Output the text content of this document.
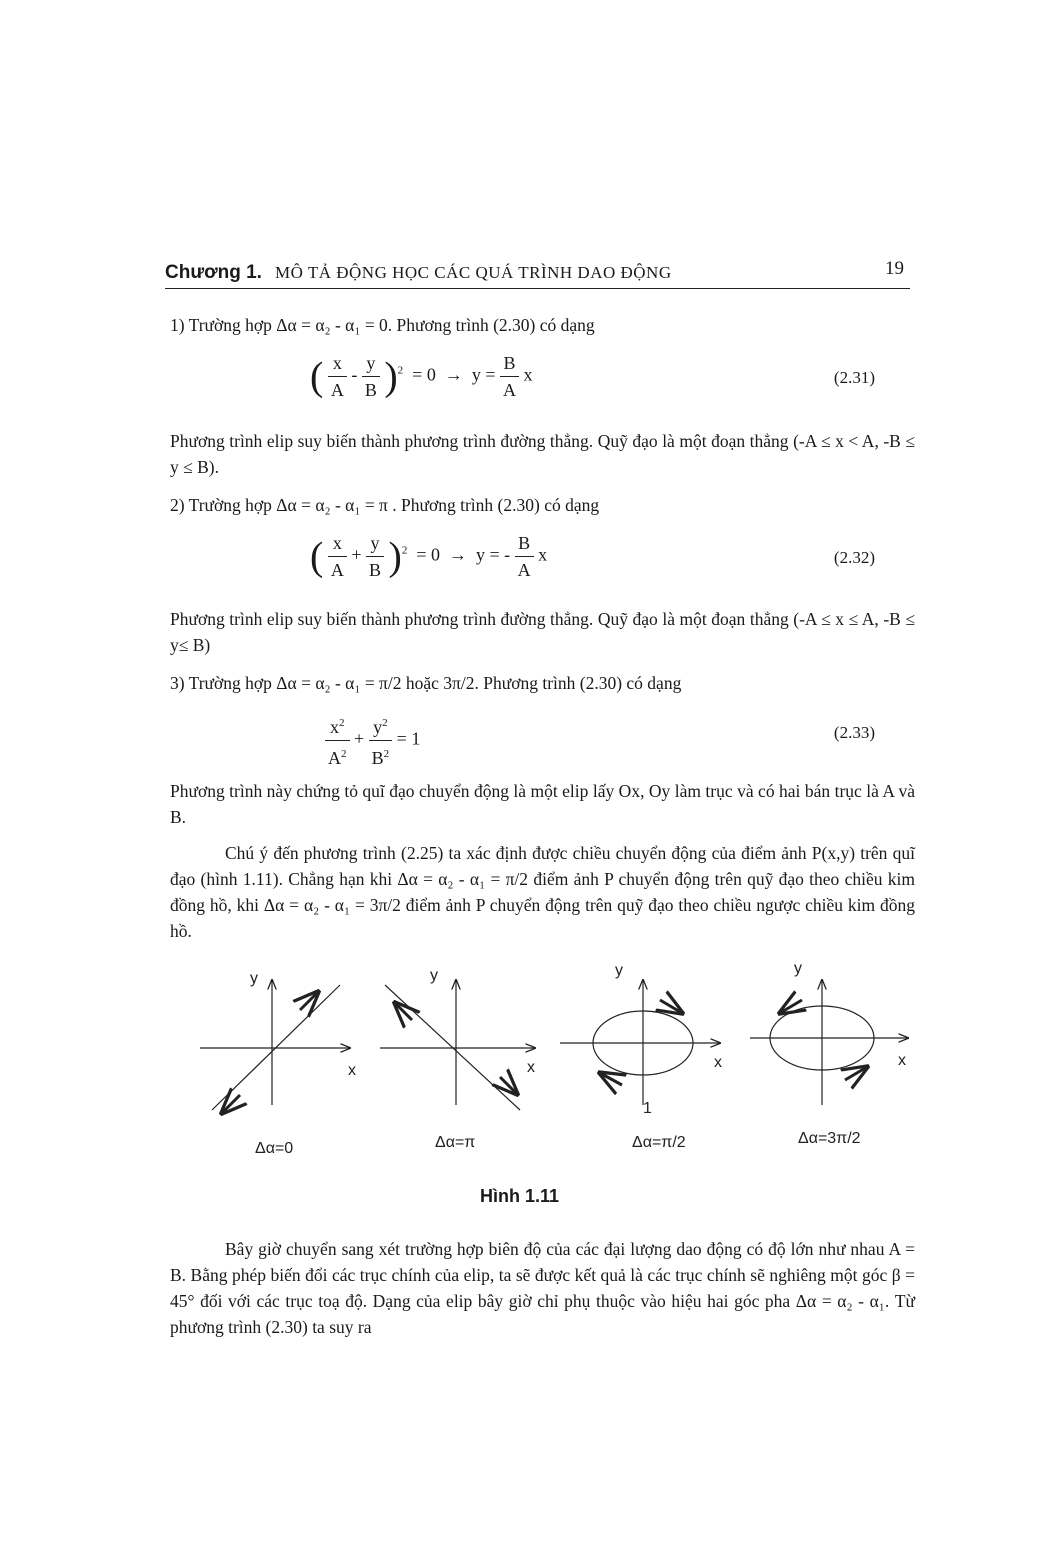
Chương 1. MÔ TẢ ĐỘNG HỌC CÁC QUÁ TRÌNH DAO ĐỘNG	19
1) Trường hợp Δα = α₂ - α₁ = 0. Phương trình (2.30) có dạng
( $\frac{x}{A} - \frac{y}{B} )^2 = 0 \to y = \frac{B}{A}$ x	(2.31)
Phương trình elip suy biến thành phương trình đường thẳng. Quỹ đạo là một đoạn thẳng (-A ≤ x < A, -B ≤ y ≤ B).
2) Trường hợp Δα = α₂ - α₁ = π . Phương trình (2.30) có dạng
( $\frac{x}{A} + \frac{y}{B} )^2 = 0 \to y$ = - $\frac{B}{A}$ x	(2.32)
Phương trình elip suy biến thành phương trình đường thẳng. Quỹ đạo là một đoạn thẳng (-A ≤ x ≤ A, -B ≤ y≤ B)
3) Trường hợp Δα = α₂ - α₁ = π/2 hoặc 3π/2. Phương trình (2.30) có dạng
$\frac{x^2}{A^2} + \frac{y^2}{B^2} = 1$	(2.33)
Phương trình này chứng tỏ quĩ đạo chuyển động là một elip lấy Ox, Oy làm trục và có hai bán trục là A và B.
Chú ý đến phương trình (2.25) ta xác định được chiều chuyển động của điểm ảnh P(x,y) trên quĩ đạo (hình 1.11). Chẳng hạn khi Δα = α₂ - α₁ = π/2 điểm ảnh P chuyển động trên quỹ đạo theo chiều kim đồng hồ, khi Δα = α₂ - α₁ = 3π/2 điểm ảnh P chuyển động trên quỹ đạo theo chiều ngược chiều kim đồng hồ.
y
x
y
x
y
x
1
y
x
Δα=0	Δα=π	Δα=π/2	Δα=3π/2
Hình 1.11
Bây giờ chuyển sang xét trường hợp biên độ của các đại lượng dao động có độ lớn như nhau A = B. Bằng phép biến đổi các trục chính của elip, ta sẽ được kết quả là các trục chính sẽ nghiêng một góc β = 45° đối với các trục toạ độ. Dạng của elip bây giờ chỉ phụ thuộc vào hiệu hai góc pha Δα = α₂ - α₁. Từ phương trình (2.30) ta suy ra
